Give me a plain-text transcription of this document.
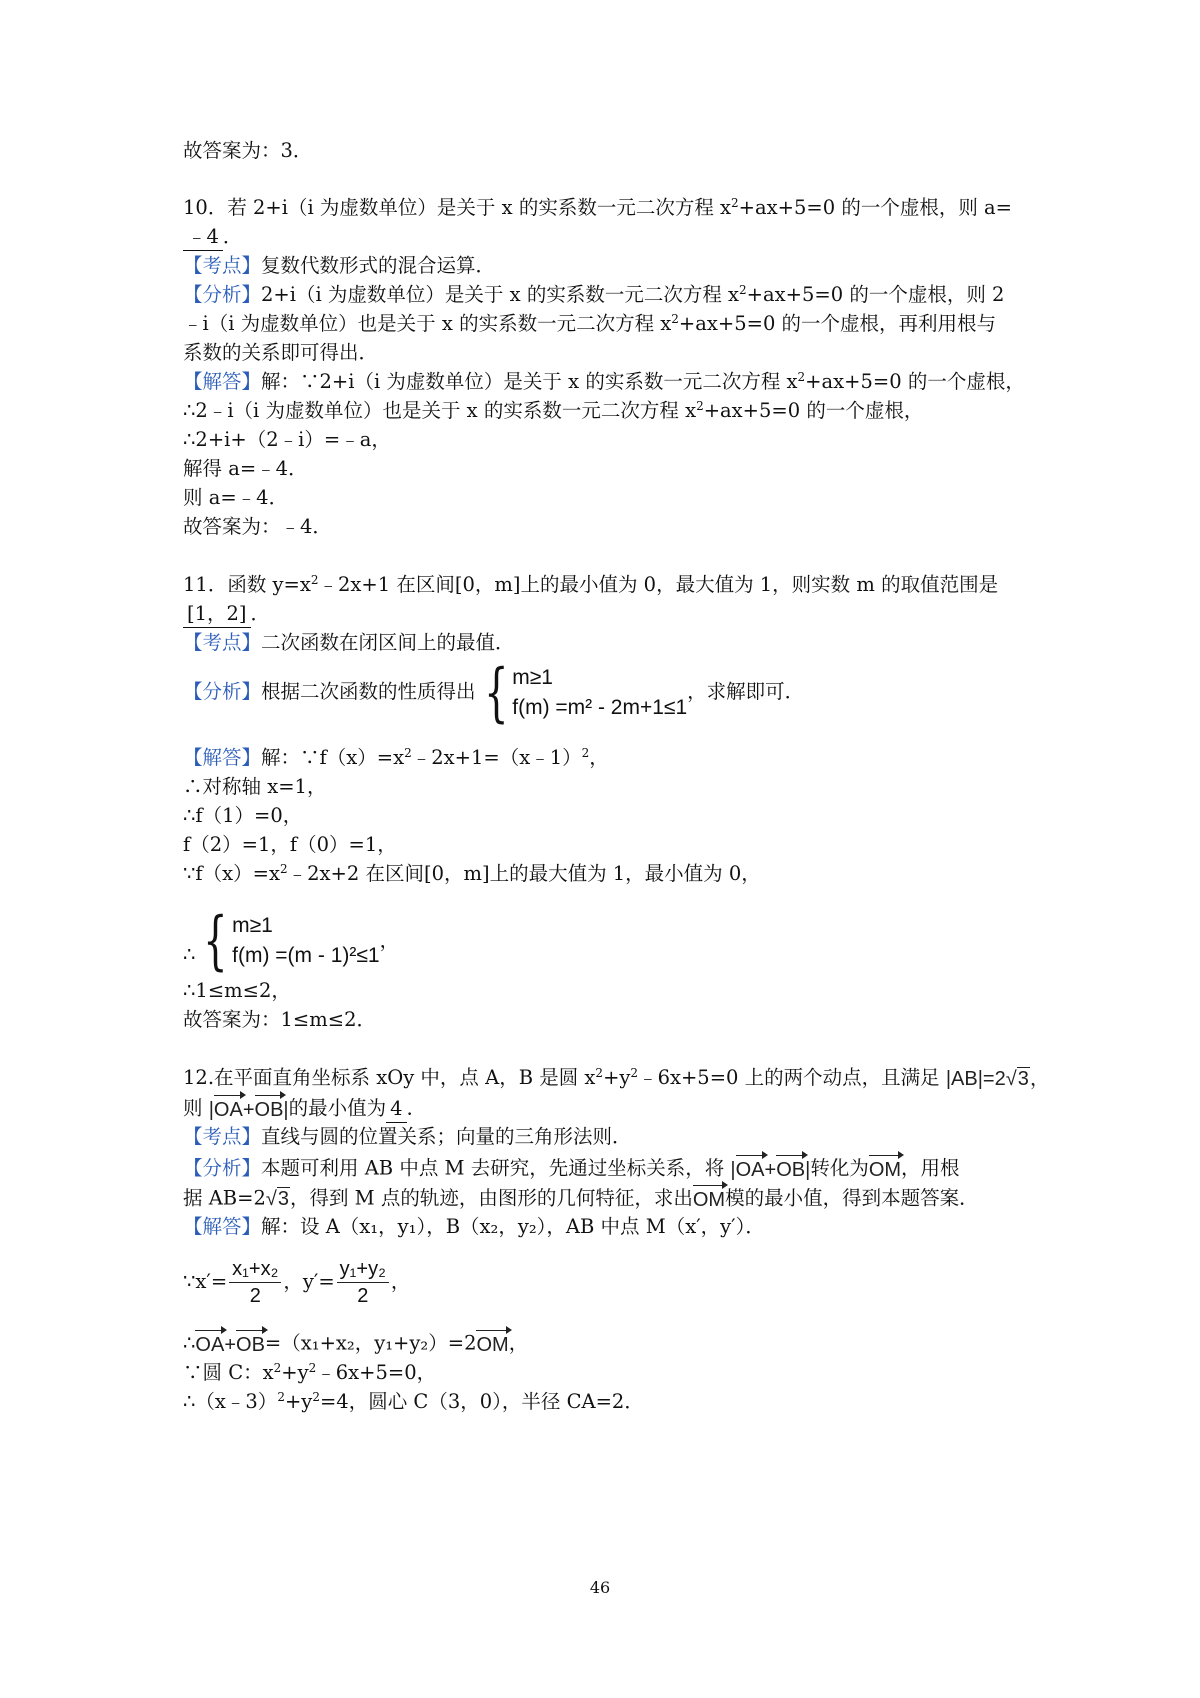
故答案为：3．
10．若 2+i（i 为虚数单位）是关于 x 的实系数一元二次方程 $x^2+ax+5=0$ 的一个虚根，则 a=
﹣4 ．
【考点】复数代数形式的混合运算．
【分析】2+i（i 为虚数单位）是关于 x 的实系数一元二次方程 $x^2+ax+5=0$ 的一个虚根，则 2
﹣i（i 为虚数单位）也是关于 x 的实系数一元二次方程 $x^2+ax+5=0$ 的一个虚根，再利用根与
系数的关系即可得出．
【解答】解：∵2+i（i 为虚数单位）是关于 x 的实系数一元二次方程 $x^2+ax+5=0$ 的一个虚根，
∴2﹣i（i 为虚数单位）也是关于 x 的实系数一元二次方程 $x^2+ax+5=0$ 的一个虚根，
∴2+i+（2﹣i）=﹣a，
解得 a=﹣4．
则 a=﹣4．
故答案为：﹣4．
11．函数 $y=x^2﹣2x+1$ 在区间[0，m]上的最小值为 0，最大值为 1，则实数 m 的取值范围是
[1，2] ．
【考点】二次函数在闭区间上的最值．
【分析】根据二次函数的性质得出 { m≥1
f(m) =m² - 2m+1≤1
，求解即可．
【解答】解：$\because f(x)=x^2﹣2x+1=(x﹣1)^2$，
∴对称轴 x=1，
∴f（1）=0，
f（2）=1，f（0）=1，
$\because f(x)=x^2﹣2x+2$ 在区间[0，m]上的最大值为 1，最小值为 0，
∴ { m≥1
f(m) =(m - 1)²≤1
，
∴1≤m≤2，
故答案为：1≤m≤2．
12.在平面直角坐标系 xOy 中，点 A，B 是圆 $x^2+y^2﹣6x+5=0$ 上的两个动点，且满足 |AB|=2√3，
则 |OA+OB|的最小值为 4 ．
【考点】直线与圆的位置关系；向量的三角形法则．
【分析】本题可利用 AB 中点 M 去研究，先通过坐标关系，将 |OA+OB|转化为OM，用根
据 AB=2√3，得到 M 点的轨迹，由图形的几何特征，求出OM模的最小值，得到本题答案．
【解答】解：设 A（x₁，y₁），B（x₂，y₂），AB 中点 M（x′，y′）．
∵x′= $\frac{\text{x₁+x₂}}{2}$ ，$y'= \frac{\text{y₁+y₂}}{2}$ ，
∴OA+OB=（x₁+x₂，y₁+y₂）=2OM，
∵圆 C：$x^2+y^2﹣6x+5=0$，
$\therefore(x﹣3)^2+y^2=4$，圆心 C（3，0），半径 CA=2．
46
